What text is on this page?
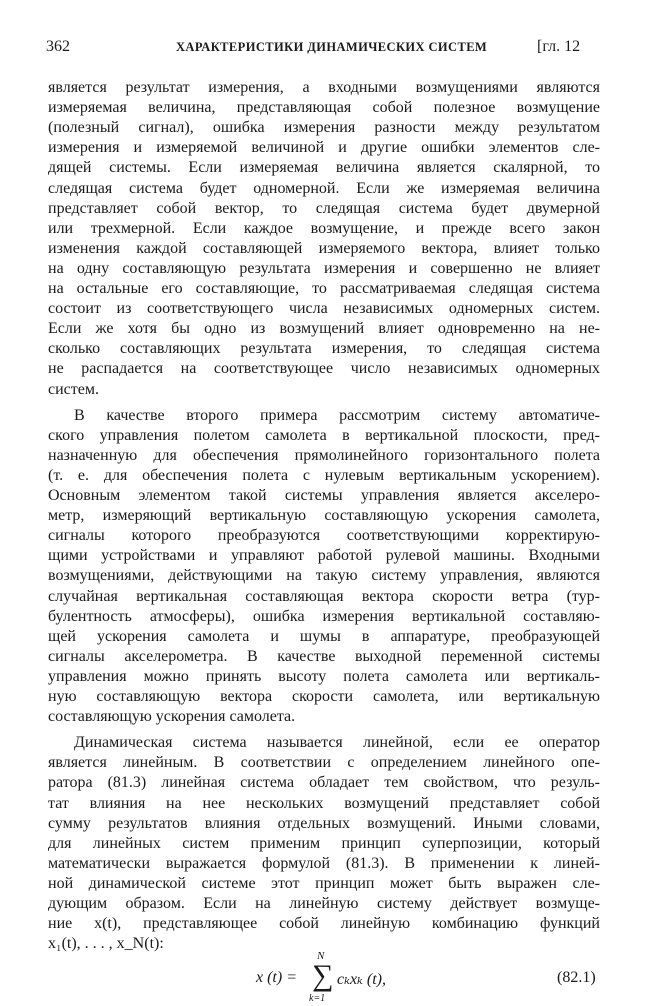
362	ХАРАКТЕРИСТИКИ ДИНАМИЧЕСКИХ СИСТЕМ	[гл. 12
является результат измерения, а входными возмущениями являются
измеряемая величина, представляющая собой полезное возмущение
(полезный сигнал), ошибка измерения разности между результатом
измерения и измеряемой величиной и другие ошибки элементов сле-
дящей системы. Если измеряемая величина является скалярной, то
следящая система будет одномерной. Если же измеряемая величина
представляет собой вектор, то следящая система будет двумерной
или трехмерной. Если каждое возмущение, и прежде всего закон
изменения каждой составляющей измеряемого вектора, влияет только
на одну составляющую результата измерения и совершенно не влияет
на остальные его составляющие, то рассматриваемая следящая система
состоит из соответствующего числа независимых одномерных систем.
Если же хотя бы одно из возмущений влияет одновременно на не-
сколько составляющих результата измерения, то следящая система
не распадается на соответствующее число независимых одномерных
систем.
В качестве второго примера рассмотрим систему автоматиче-
ского управления полетом самолета в вертикальной плоскости, пред-
назначенную для обеспечения прямолинейного горизонтального полета
(т. е. для обеспечения полета с нулевым вертикальным ускорением).
Основным элементом такой системы управления является акселеро-
метр, измеряющий вертикальную составляющую ускорения самолета,
сигналы которого преобразуются соответствующими корректирую-
щими устройствами и управляют работой рулевой машины. Входными
возмущениями, действующими на такую систему управления, являются
случайная вертикальная составляющая вектора скорости ветра (тур-
булентность атмосферы), ошибка измерения вертикальной составляю-
щей ускорения самолета и шумы в аппаратуре, преобразующей
сигналы акселерометра. В качестве выходной переменной системы
управления можно принять высоту полета самолета или вертикаль-
ную составляющую вектора скорости самолета, или вертикальную
составляющую ускорения самолета.
Динамическая система называется линейной, если ее оператор
является линейным. В соответствии с определением линейного опе-
ратора (81.3) линейная система обладает тем свойством, что резуль-
тат влияния на нее нескольких возмущений представляет собой
сумму результатов влияния отдельных возмущений. Иными словами,
для линейных систем применим принцип суперпозиции, который
математически выражается формулой (81.3). В применении к линей-
ной динамической системе этот принцип может быть выражен сле-
дующим образом. Если на линейную систему действует возмуще-
ние x(t), представляющее собой линейную комбинацию функций
x₁(t), . . . , x_N(t):
x (t) =
N
∑
k=1
cₖxₖ (t),	(82.1)
